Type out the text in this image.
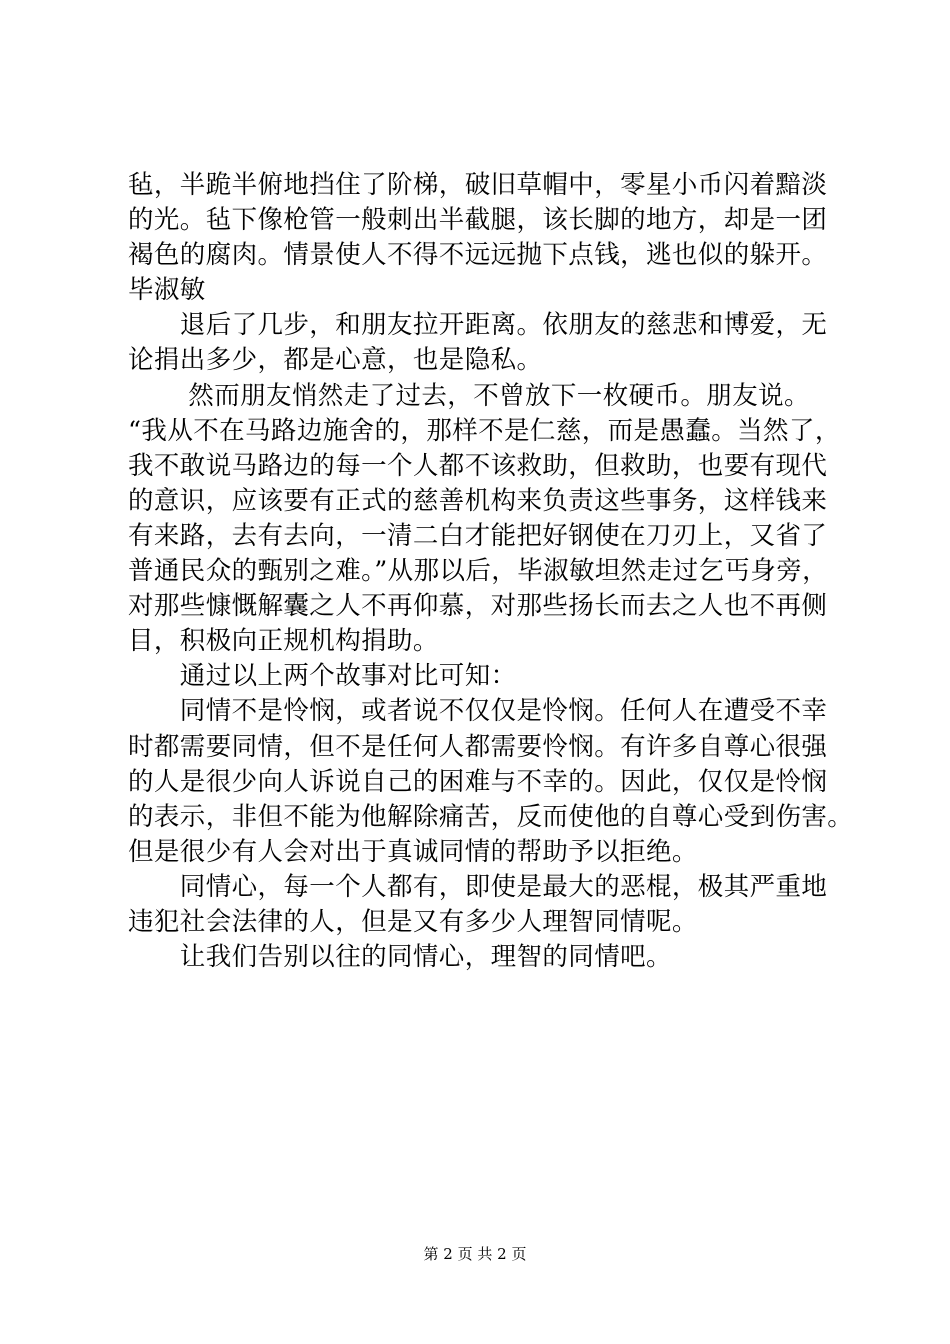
毡，半跪半俯地挡住了阶梯，破旧草帽中，零星小币闪着黯淡
的光。毡下像枪管一般刺出半截腿，该长脚的地方，却是一团
褐色的腐肉。情景使人不得不远远抛下点钱，逃也似的躲开。
毕淑敏
　　退后了几步，和朋友拉开距离。依朋友的慈悲和博爱，无
论捐出多少，都是心意，也是隐私。
　　 然而朋友悄然走了过去，不曾放下一枚硬币。朋友说。
“我从不在马路边施舍的，那样不是仁慈，而是愚蠢。当然了，
我不敢说马路边的每一个人都不该救助，但救助，也要有现代
的意识，应该要有正式的慈善机构来负责这些事务，这样钱来
有来路，去有去向，一清二白才能把好钢使在刀刃上，又省了
普通民众的甄别之难。”从那以后，毕淑敏坦然走过乞丐身旁，
对那些慷慨解囊之人不再仰慕，对那些扬长而去之人也不再侧
目，积极向正规机构捐助。
　　通过以上两个故事对比可知：
　　同情不是怜悯，或者说不仅仅是怜悯。任何人在遭受不幸
时都需要同情，但不是任何人都需要怜悯。有许多自尊心很强
的人是很少向人诉说自己的困难与不幸的。因此，仅仅是怜悯
的表示，非但不能为他解除痛苦，反而使他的自尊心受到伤害。
但是很少有人会对出于真诚同情的帮助予以拒绝。
　　同情心，每一个人都有，即使是最大的恶棍，极其严重地
违犯社会法律的人，但是又有多少人理智同情呢。
　　让我们告别以往的同情心，理智的同情吧。
第 2 页 共 2 页
